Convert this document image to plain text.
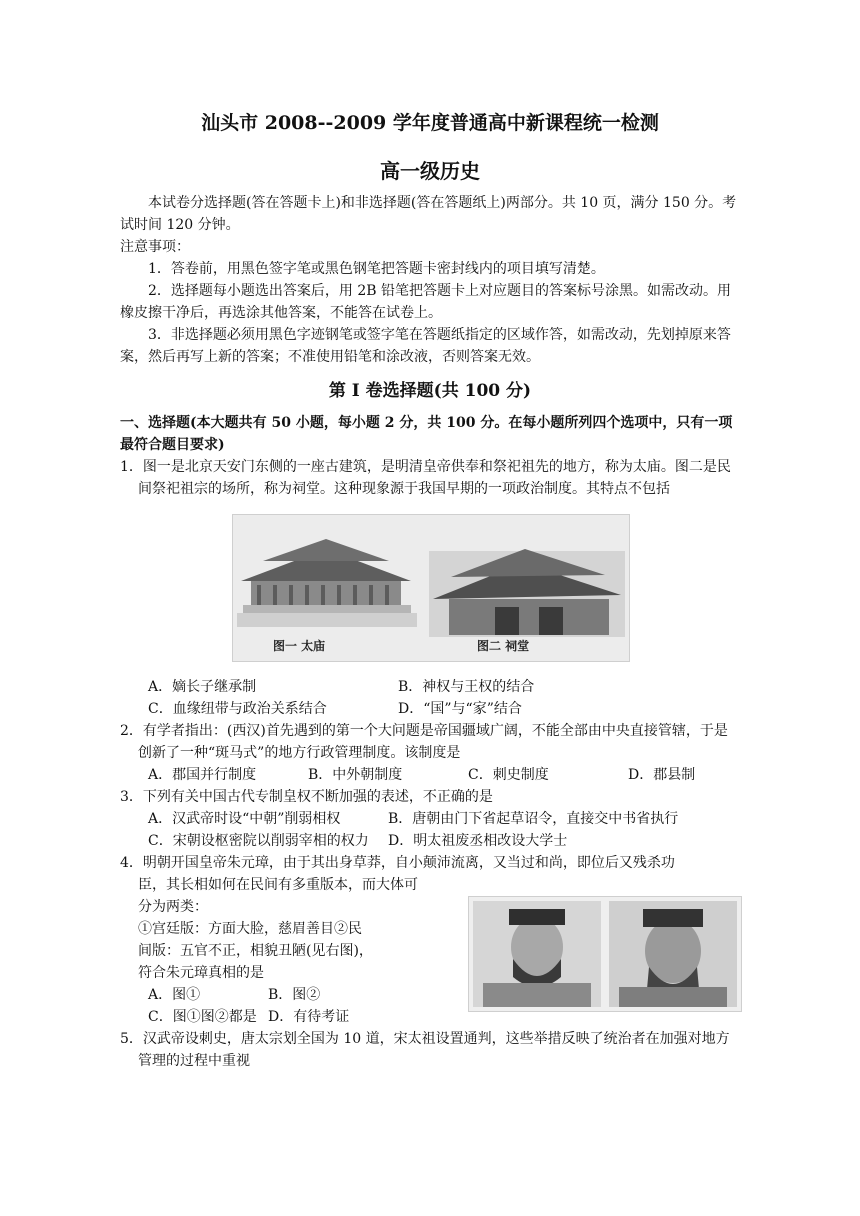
汕头市 2008--2009 学年度普通高中新课程统一检测

高一级历史

本试卷分选择题(答在答题卡上)和非选择题(答在答题纸上)两部分。共 10 页，满分 150 分。考试时间 120 分钟。

注意事项：

1．答卷前，用黑色签字笔或黑色钢笔把答题卡密封线内的项目填写清楚。

2．选择题每小题选出答案后，用 2B 铅笔把答题卡上对应题目的答案标号涂黑。如需改动。用橡皮擦干净后，再选涂其他答案，不能答在试卷上。

3．非选择题必须用黑色字迹钢笔或签字笔在答题纸指定的区域作答，如需改动，先划掉原来答案，然后再写上新的答案；不准使用铅笔和涂改液，否则答案无效。

第 I 卷选择题(共 100 分)

一、选择题(本大题共有 50 小题，每小题 2 分，共 100 分。在每小题所列四个选项中，只有一项最符合题目要求)

1．图一是北京天安门东侧的一座古建筑，是明清皇帝供奉和祭祀祖先的地方，称为太庙。图二是民间祭祀祖宗的场所，称为祠堂。这种现象源于我国早期的一项政治制度。其特点不包括

图一 太庙	图二 祠堂
A．嫡长子继承制	B．神权与王权的结合
C．血缘纽带与政治关系结合	D．“国”与“家”结合

2．有学者指出：(西汉)首先遇到的第一个大问题是帝国疆域广阔，不能全部由中央直接管辖，于是创新了一种“斑马式”的地方行政管理制度。该制度是

A．郡国并行制度	B．中外朝制度	C．刺史制度	D．郡县制

3．下列有关中国古代专制皇权不断加强的表述，不正确的是

A．汉武帝时设“中朝”削弱相权	B．唐朝由门下省起草诏令，直接交中书省执行
C．宋朝设枢密院以削弱宰相的权力	D．明太祖废丞相改设大学士

4．明朝开国皇帝朱元璋，由于其出身草莽，自小颠沛流离，又当过和尚，即位后又残杀功

臣，其长相如何在民间有多重版本，而大体可

分为两类：

①宫廷版：方面大脸，慈眉善目②民

间版：五官不正，相貌丑陋(见右图)，

符合朱元璋真相的是

A．图①	B．图②
C．图①图②都是 D．有待考证

5．汉武帝设刺史，唐太宗划全国为 10 道，宋太祖设置通判，这些举措反映了统治者在加强对地方管理的过程中重视
